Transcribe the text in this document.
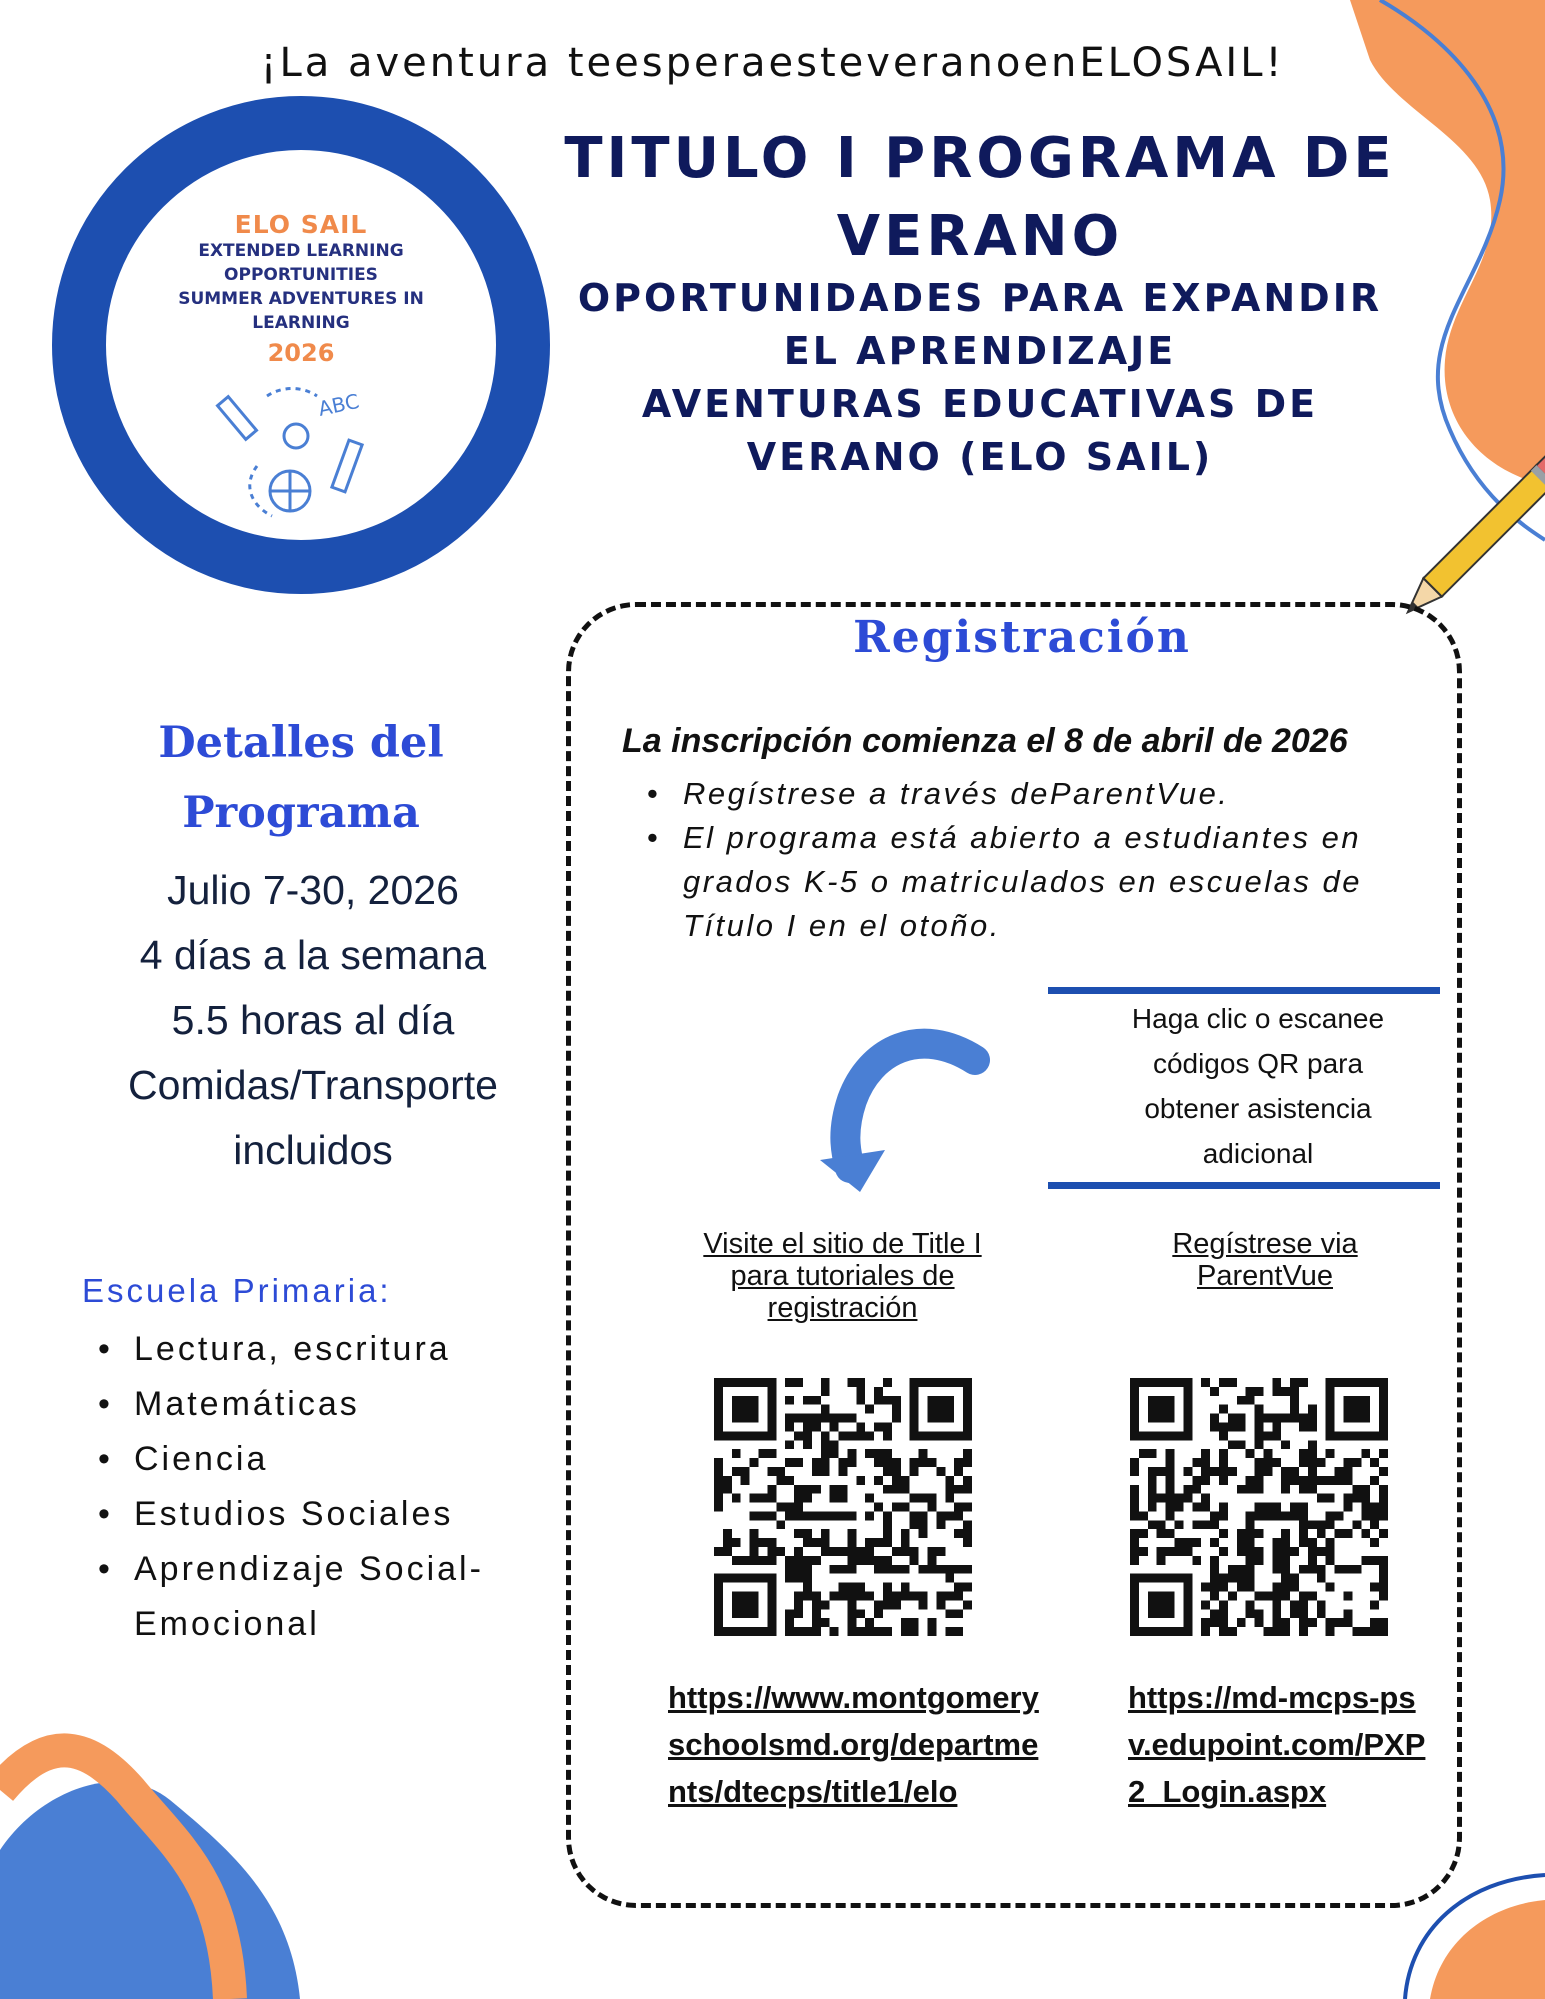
¡La aventura teesperaesteveranoenELOSAIL!
TITULO I PROGRAMA DE
VERANO
OPORTUNIDADES PARA EXPANDIR
EL APRENDIZAJE
AVENTURAS EDUCATIVAS DE
VERANO (ELO SAIL)
TITLE I SUMMER PROGRAMS
ABC
ELO SAIL
EXTENDED LEARNING
OPPORTUNITIES
SUMMER ADVENTURES IN
LEARNING
2026
Registración
La inscripción comienza el 8 de abril de 2026
• Regístrese a través deParentVue.
• El programa está abierto a estudiantes en grados K-5 o matriculados en escuelas de Título I en el otoño.
Haga clic o escanee
códigos QR para
obtener asistencia
adicional
Visite el sitio de Title I
para tutoriales de
registración
Regístrese via
ParentVue
https://www.montgomeryschoolsmd.org/departments/dtecps/title1/elo
https://md-mcps-psv.edupoint.com/PXP2_Login.aspx
Detalles del
Programa
Julio 7-30, 2026
4 días a la semana
5.5 horas al día
Comidas/Transporte
incluidos
Escuela Primaria:
• Lectura, escritura
• Matemáticas
• Ciencia
• Estudios Sociales
• Aprendizaje Social-Emocional
